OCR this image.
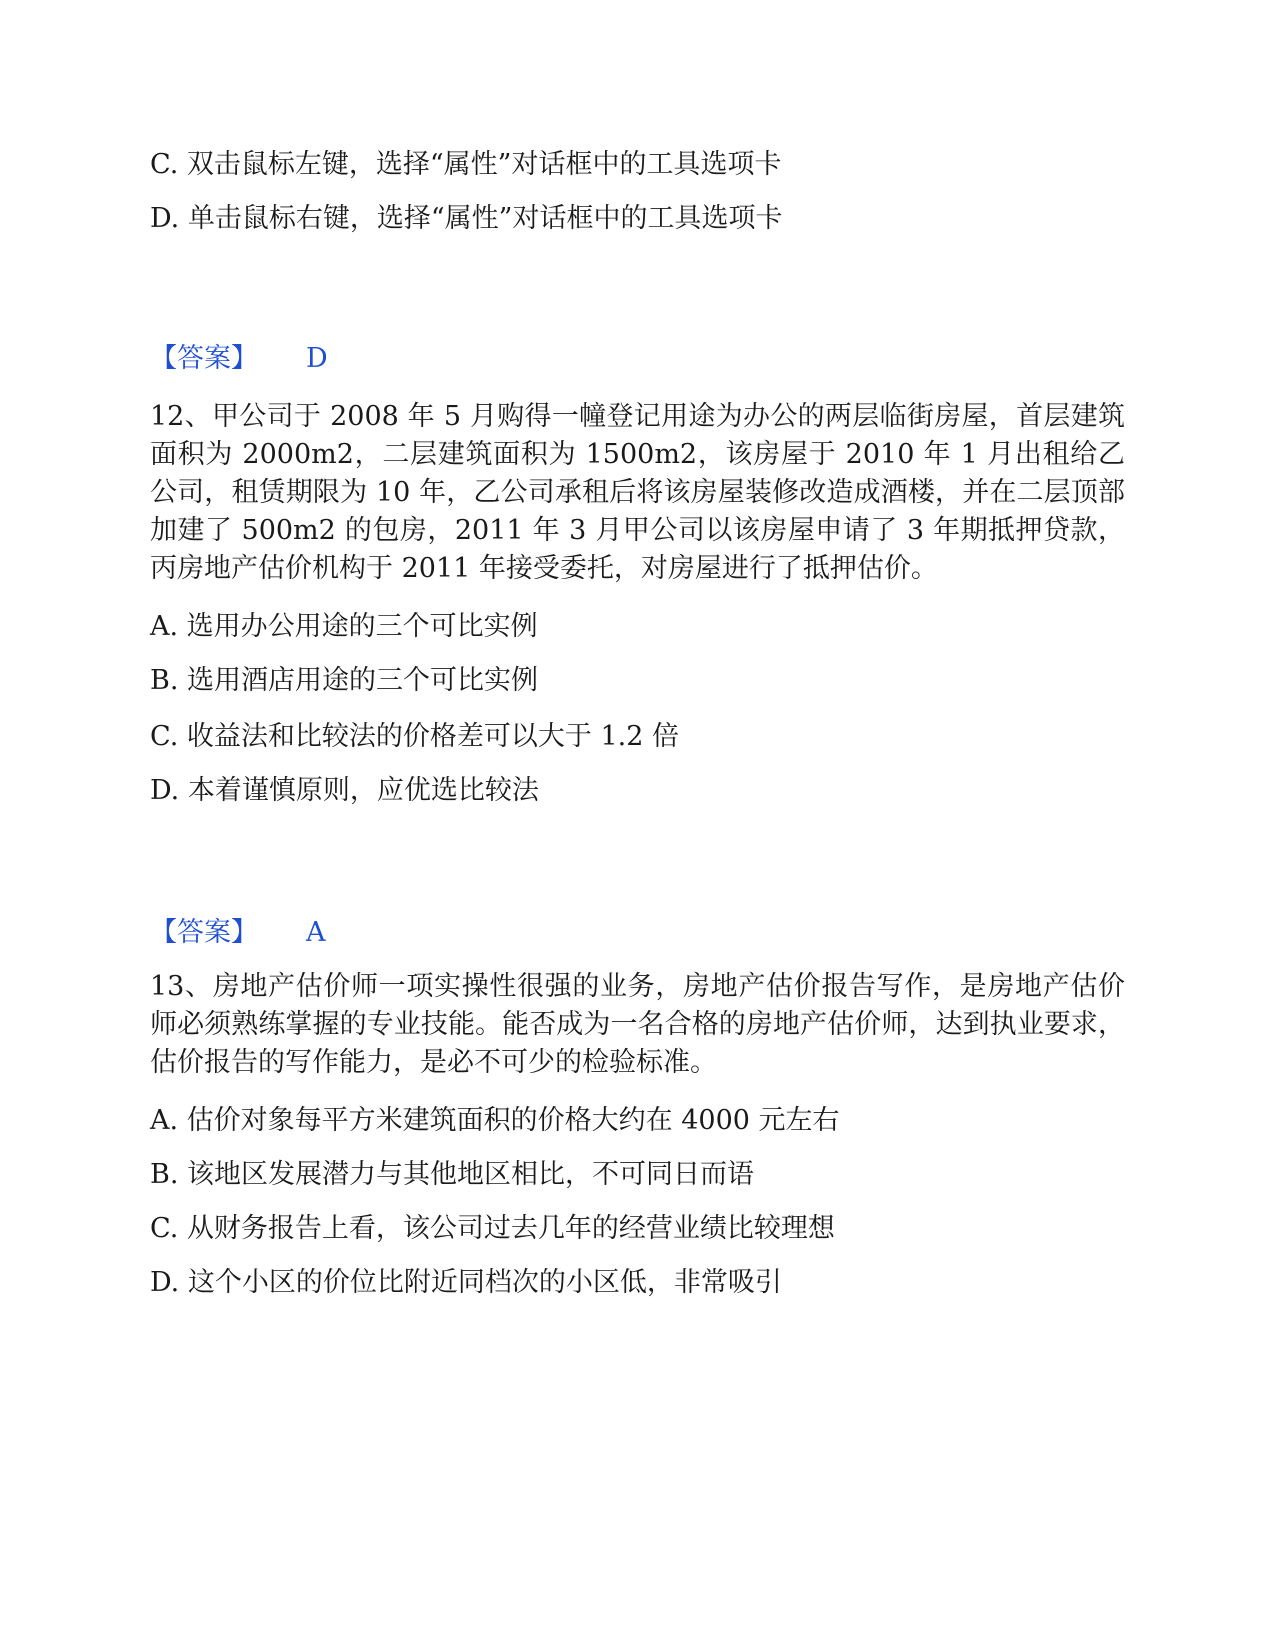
C. 双击鼠标左键，选择“属性”对话框中的工具选项卡
D. 单击鼠标右键，选择“属性”对话框中的工具选项卡
【答案】 D
12、甲公司于 2008 年 5 月购得一幢登记用途为办公的两层临街房屋，首层建筑面积为 2000m2，二层建筑面积为 1500m2，该房屋于 2010 年 1 月出租给乙公司，租赁期限为 10 年，乙公司承租后将该房屋装修改造成酒楼，并在二层顶部加建了 500m2 的包房，2011 年 3 月甲公司以该房屋申请了 3 年期抵押贷款，丙房地产估价机构于 2011 年接受委托，对房屋进行了抵押估价。
A. 选用办公用途的三个可比实例
B. 选用酒店用途的三个可比实例
C. 收益法和比较法的价格差可以大于 1.2 倍
D. 本着谨慎原则，应优选比较法
【答案】 A
13、房地产估价师一项实操性很强的业务，房地产估价报告写作，是房地产估价师必须熟练掌握的专业技能。能否成为一名合格的房地产估价师，达到执业要求，估价报告的写作能力，是必不可少的检验标准。
A. 估价对象每平方米建筑面积的价格大约在 4000 元左右
B. 该地区发展潜力与其他地区相比，不可同日而语
C. 从财务报告上看，该公司过去几年的经营业绩比较理想
D. 这个小区的价位比附近同档次的小区低，非常吸引
